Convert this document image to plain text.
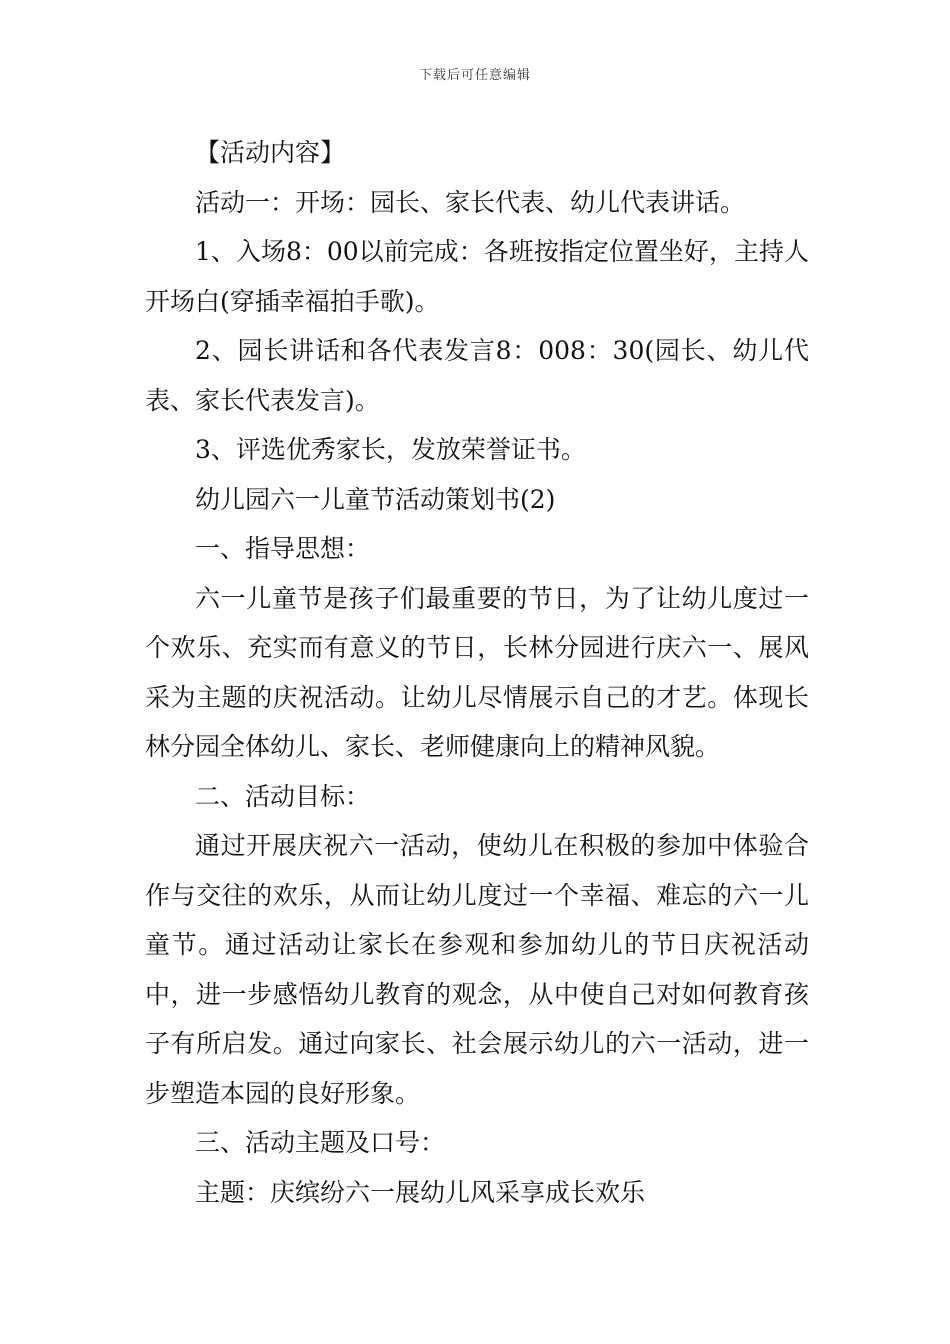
下载后可任意编辑

【活动内容】

活动一：开场：园长、家长代表、幼儿代表讲话。

1、入场8：00以前完成：各班按指定位置坐好，主持人开场白(穿插幸福拍手歌)。

2、园长讲话和各代表发言8：008：30(园长、幼儿代表、家长代表发言)。

3、评选优秀家长，发放荣誉证书。

幼儿园六一儿童节活动策划书(2)

一、指导思想：

六一儿童节是孩子们最重要的节日，为了让幼儿度过一个欢乐、充实而有意义的节日，长林分园进行庆六一、展风采为主题的庆祝活动。让幼儿尽情展示自己的才艺。体现长林分园全体幼儿、家长、老师健康向上的精神风貌。

二、活动目标：

通过开展庆祝六一活动，使幼儿在积极的参加中体验合作与交往的欢乐，从而让幼儿度过一个幸福、难忘的六一儿童节。通过活动让家长在参观和参加幼儿的节日庆祝活动中，进一步感悟幼儿教育的观念，从中使自己对如何教育孩子有所启发。通过向家长、社会展示幼儿的六一活动，进一步塑造本园的良好形象。

三、活动主题及口号：

主题：庆缤纷六一展幼儿风采享成长欢乐
